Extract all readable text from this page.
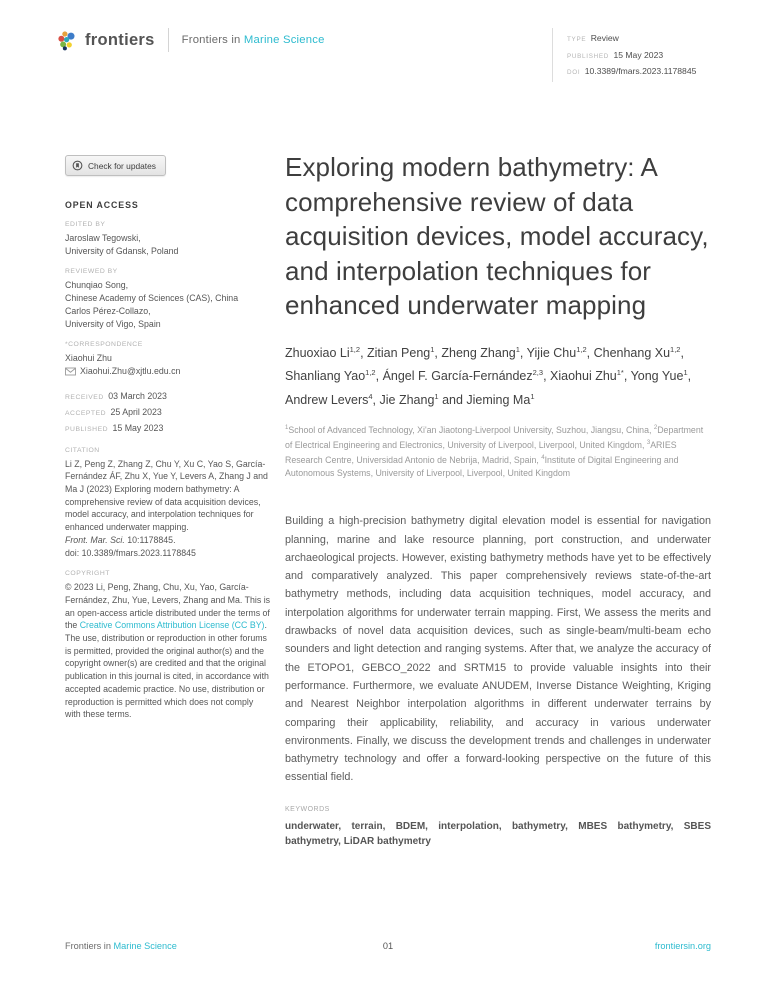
frontiers Frontiers in Marine Science	TYPE Review
PUBLISHED 15 May 2023
DOI 10.3389/fmars.2023.1178845
Check for updates
OPEN ACCESS
EDITED BY
Jaroslaw Tegowski,
University of Gdansk, Poland
REVIEWED BY
Chunqiao Song,
Chinese Academy of Sciences (CAS), China
Carlos Pérez-Collazo,
University of Vigo, Spain
*CORRESPONDENCE
Xiaohui Zhu
Xiaohui.Zhu@xjtlu.edu.cn
RECEIVED 03 March 2023
ACCEPTED 25 April 2023
PUBLISHED 15 May 2023
CITATION
Li Z, Peng Z, Zhang Z, Chu Y, Xu C, Yao S, García-Fernández ÁF, Zhu X, Yue Y, Levers A, Zhang J and Ma J (2023) Exploring modern bathymetry: A comprehensive review of data acquisition devices, model accuracy, and interpolation techniques for enhanced underwater mapping.
Front. Mar. Sci. 10:1178845.
doi: 10.3389/fmars.2023.1178845
COPYRIGHT
© 2023 Li, Peng, Zhang, Chu, Xu, Yao, García-Fernández, Zhu, Yue, Levers, Zhang and Ma. This is an open-access article distributed under the terms of the Creative Commons Attribution License (CC BY). The use, distribution or reproduction in other forums is permitted, provided the original author(s) and the copyright owner(s) are credited and that the original publication in this journal is cited, in accordance with accepted academic practice. No use, distribution or reproduction is permitted which does not comply with these terms.
Exploring modern bathymetry: A comprehensive review of data acquisition devices, model accuracy, and interpolation techniques for enhanced underwater mapping
Zhuoxiao Li$^{1,2}$, Zitian Peng$^1$, Zheng Zhang$^1$, Yijie Chu$^{1,2}$, Chenhang Xu$^{1,2}$, Shanliang Yao$^{1,2}$, Ángel F. García-Fernández$^{2,3}$, Xiaohui Zhu$^{1*}$, Yong Yue$^1$, Andrew Levers$^4$, Jie Zhang$^1$ and Jieming Ma$^1$
$^1$School of Advanced Technology, Xi'an Jiaotong-Liverpool University, Suzhou, Jiangsu, China, $^2$Department of Electrical Engineering and Electronics, University of Liverpool, Liverpool, United Kingdom, $^3$ARIES Research Centre, Universidad Antonio de Nebrija, Madrid, Spain, $^4$Institute of Digital Engineering and Autonomous Systems, University of Liverpool, Liverpool, United Kingdom

Building a high-precision bathymetry digital elevation model is essential for navigation planning, marine and lake resource planning, port construction, and underwater archaeological projects. However, existing bathymetry methods have yet to be effectively and comparatively analyzed. This paper comprehensively reviews state-of-the-art bathymetry methods, including data acquisition techniques, model accuracy, and interpolation algorithms for underwater terrain mapping. First, We assess the merits and drawbacks of novel data acquisition devices, such as single-beam/multi-beam echo sounders and light detection and ranging systems. After that, we analyze the accuracy of the ETOPO1, GEBCO_2022 and SRTM15 to provide valuable insights into their performance. Furthermore, we evaluate ANUDEM, Inverse Distance Weighting, Kriging and Nearest Neighbor interpolation algorithms in different underwater terrains by comparing their applicability, reliability, and accuracy in various underwater environments. Finally, we discuss the development trends and challenges in underwater bathymetry technology and offer a forward-looking perspective on the future of this essential field.

KEYWORDS
underwater, terrain, BDEM, interpolation, bathymetry, MBES bathymetry, SBES bathymetry, LiDAR bathymetry
Frontiers in Marine Science	01	frontiersin.org
